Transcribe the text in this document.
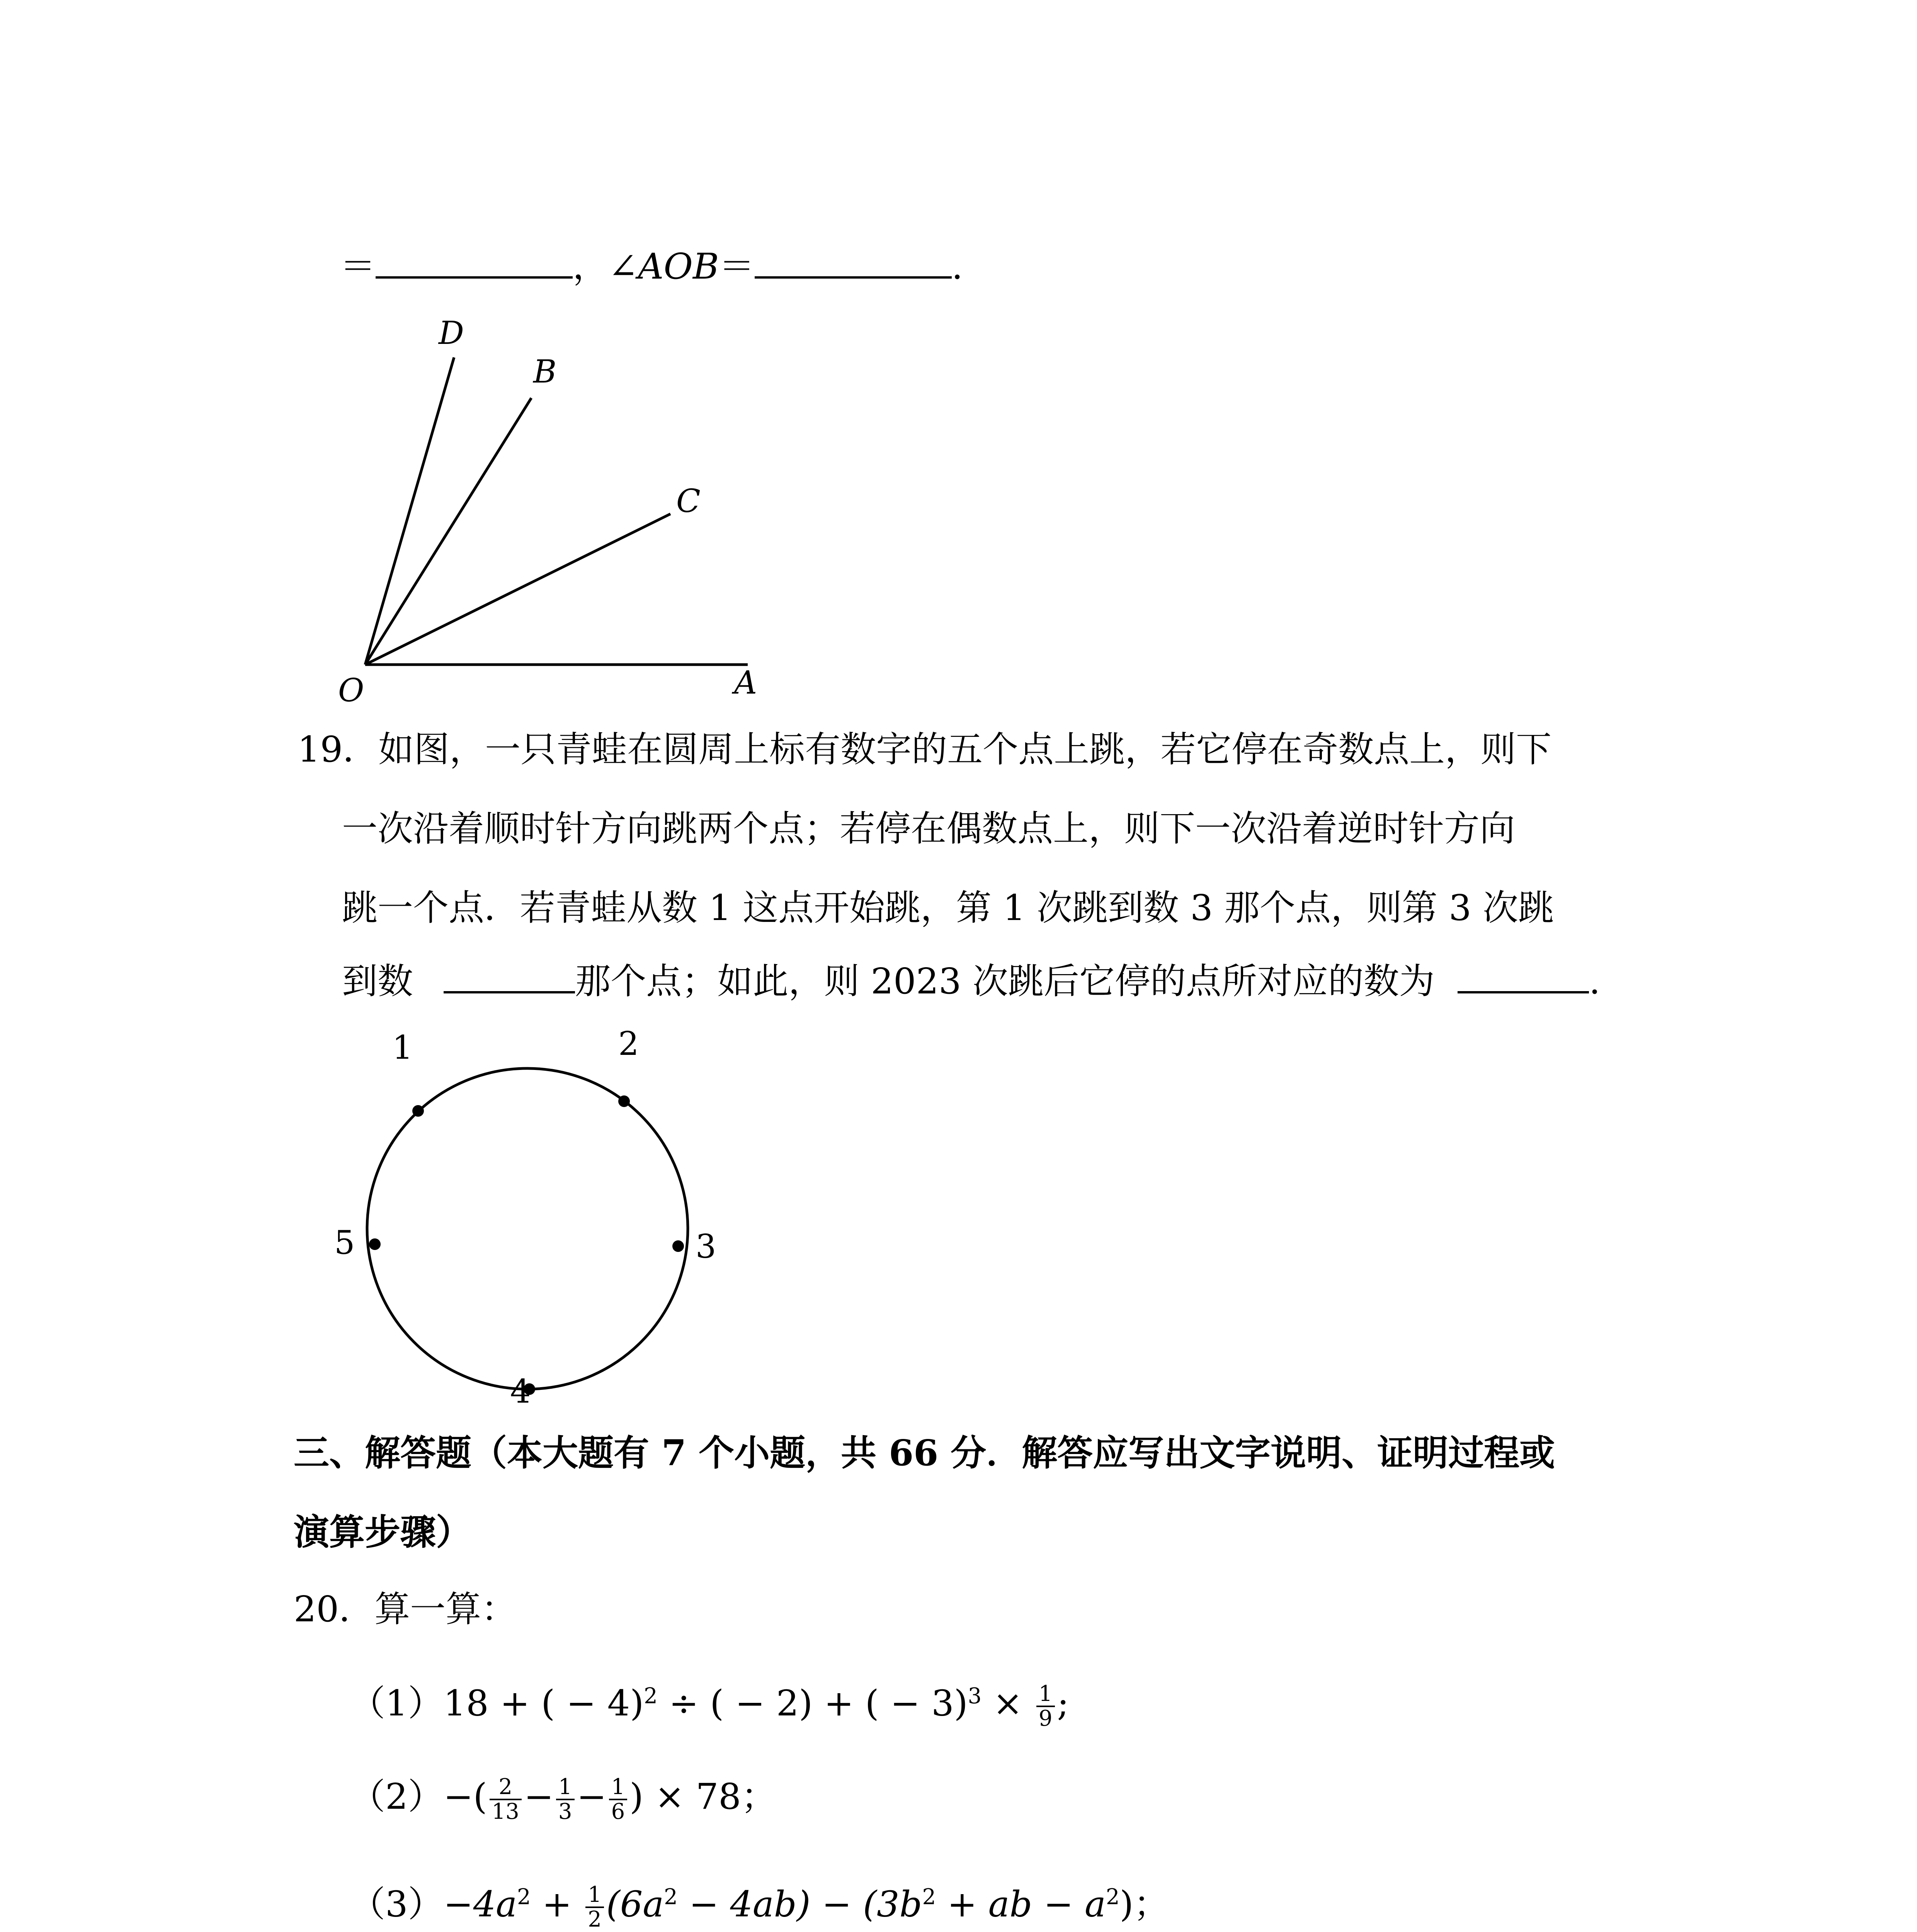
＝	，∠AOB＝	.
D
B
C
O	A
19．如图，一只青蛙在圆周上标有数字的五个点上跳，若它停在奇数点上，则下
一次沿着顺时针方向跳两个点；若停在偶数点上，则下一次沿着逆时针方向
跳一个点．若青蛙从数 1 这点开始跳，第 1 次跳到数 3 那个点，则第 3 次跳
到数	那个点；如此，则 2023 次跳后它停的点所对应的数为	.
1	2
3
4
5
三、解答题（本大题有 7 个小题，共 66 分．解答应写出文字说明、证明过程或
演算步骤）
20．算一算：
（1）18 + ( − 4)$^2$ ÷ ( − 2) + ( − $3)^3 \times \frac{1}{9}$ ;
$(2)-( \frac{2}{13} - \frac{1}{3} - \frac{1}{6}$ ) × 78；
$(3)-4a^2 + \frac{1}{2} (6a^2 - 4ab) - (3b^2$ + ab − $a^2$)；
